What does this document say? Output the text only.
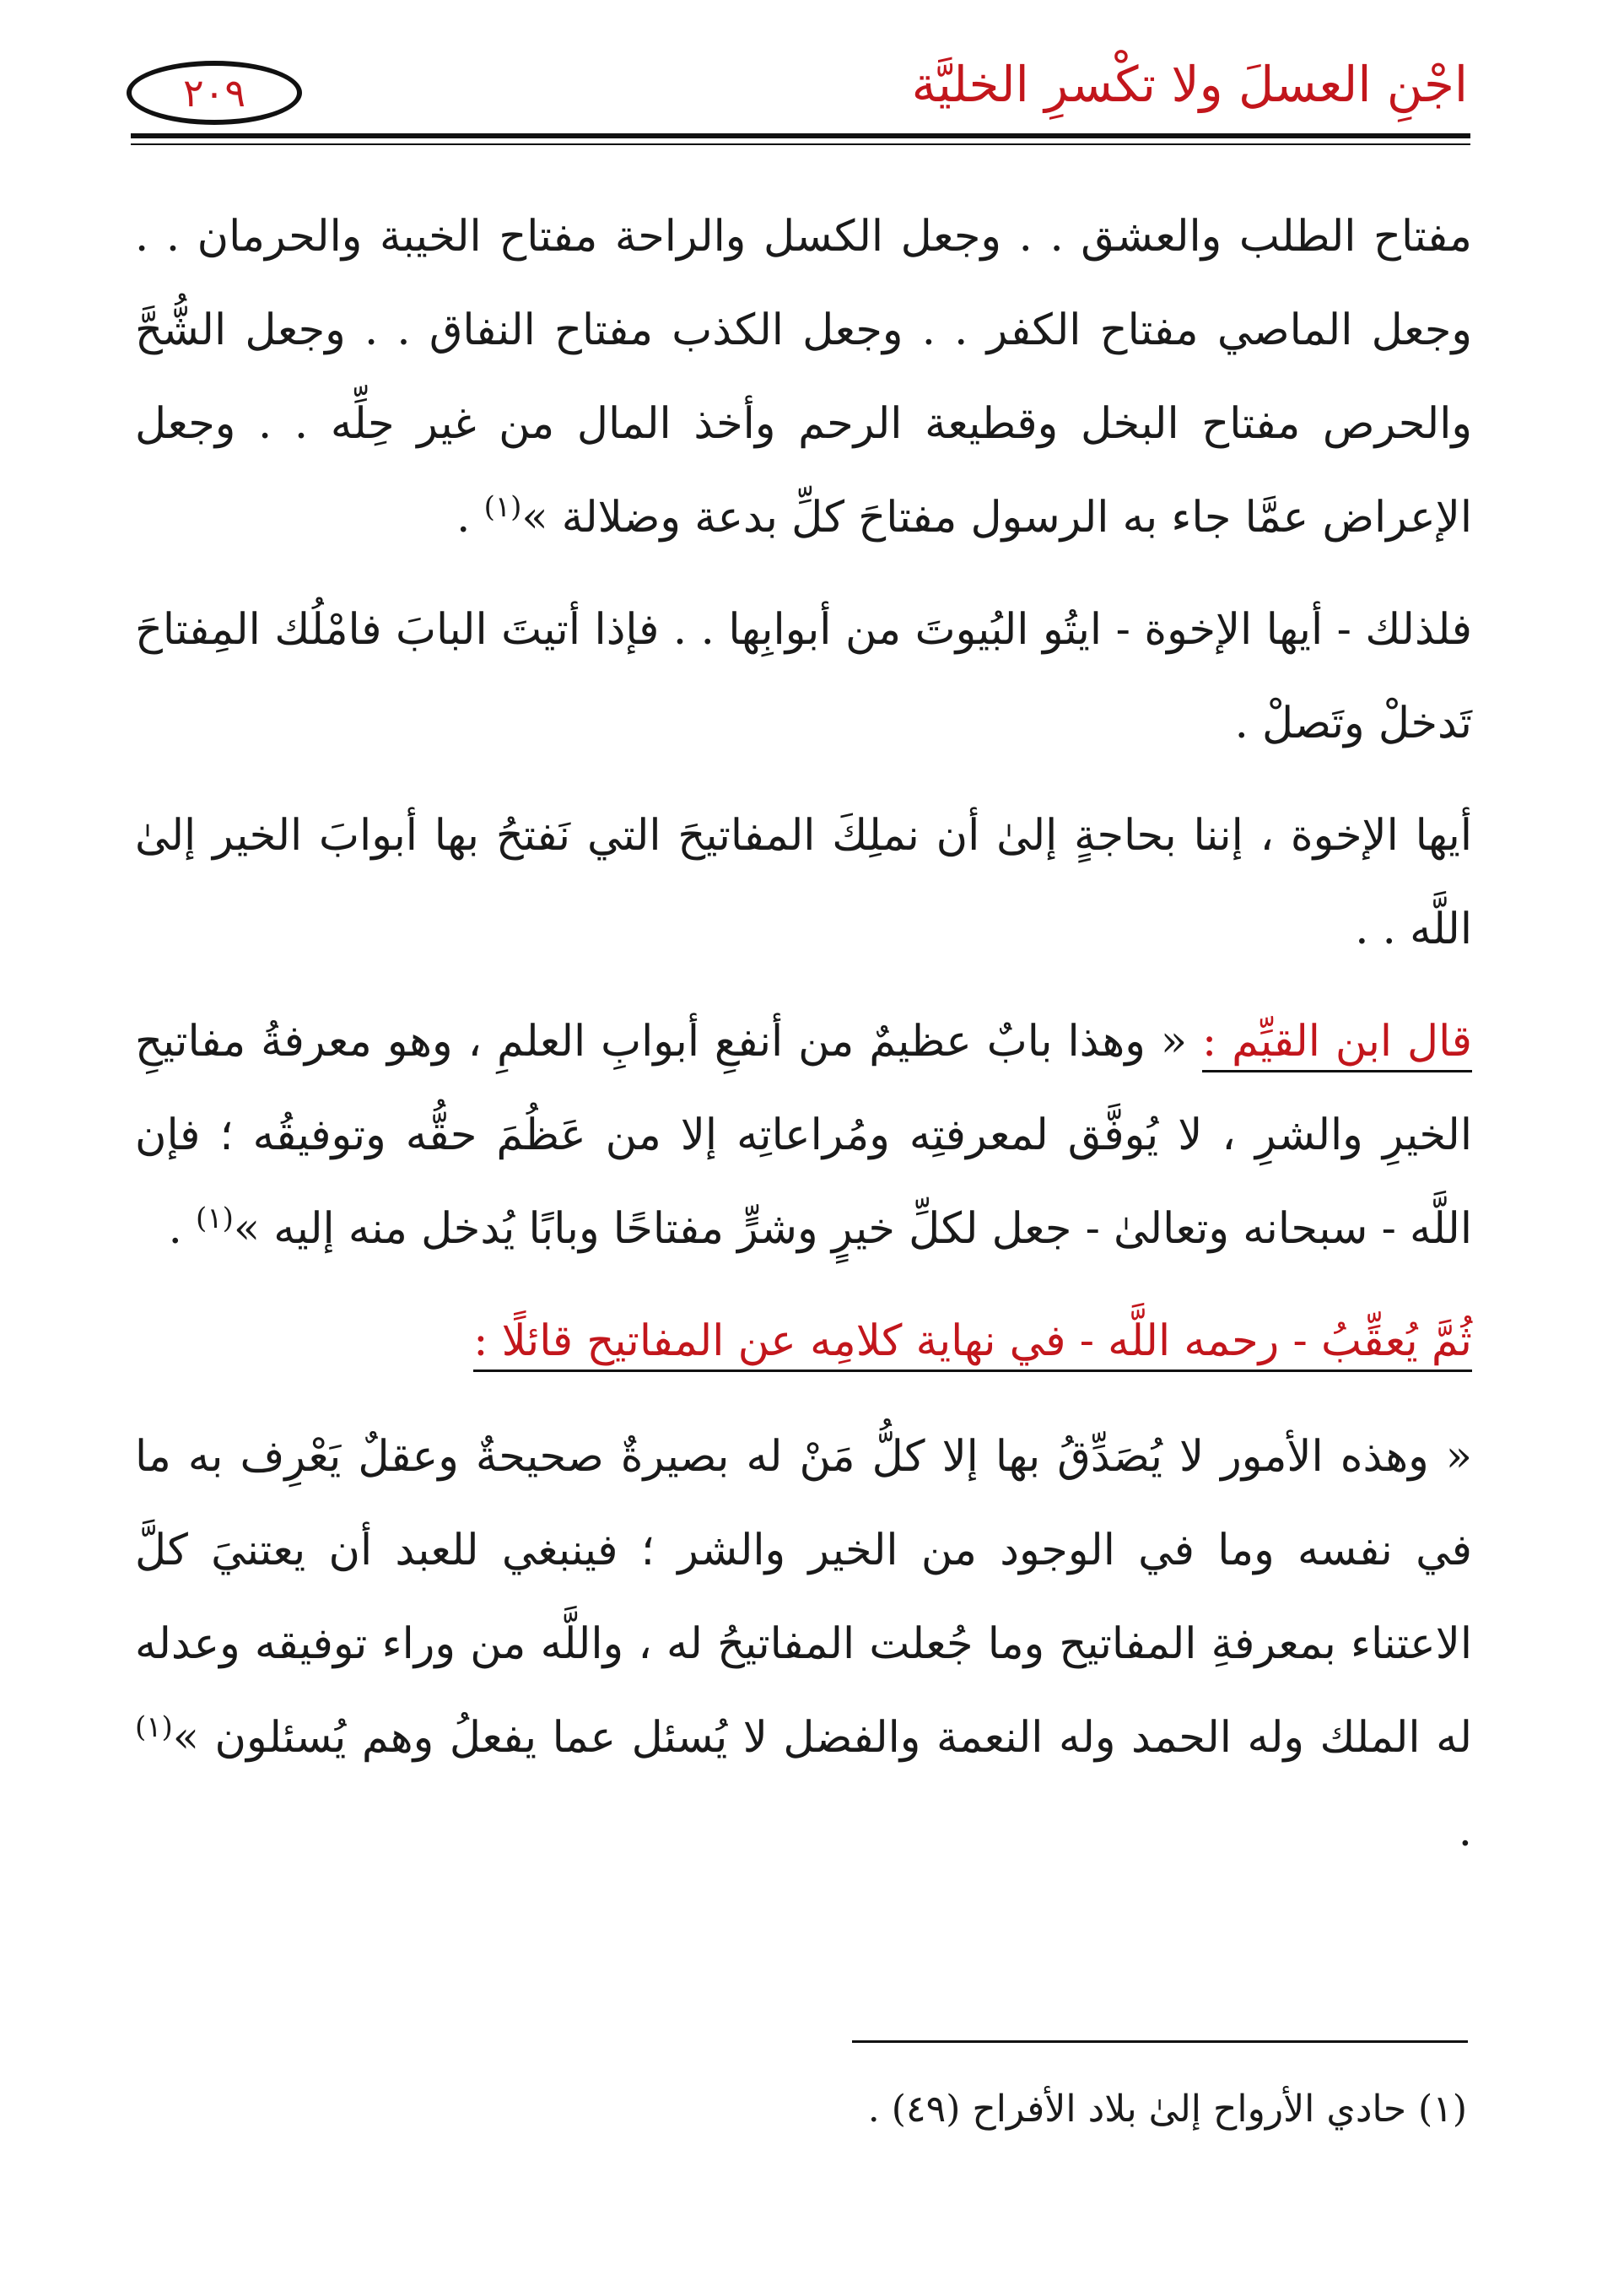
اجْنِ العسلَ ولا تكْسرِ الخليَّة
٢٠٩

مفتاح الطلب والعشق . . وجعل الكسل والراحة مفتاح الخيبة والحرمان . . وجعل الماصي مفتاح الكفر . . وجعل الكذب مفتاح النفاق . . وجعل الشُّحَّ والحرص مفتاح البخل وقطيعة الرحم وأخذ المال من غير حِلِّه . . وجعل الإعراض عمَّا جاء به الرسول مفتاحَ كلِّ بدعة وضلالة »$^{(١)}$ .

فلذلك - أيها الإخوة - ايتُو البُيوتَ من أبوابِها . . فإذا أتيتَ البابَ فامْلُك المِفتاحَ تَدخلْ وتَصلْ .

أيها الإخوة ، إننا بحاجةٍ إلىٰ أن نملِكَ المفاتيحَ التي نَفتحُ بها أبوابَ الخير إلىٰ اللَّه . .

قال ابن القيِّم : « وهذا بابٌ عظيمٌ من أنفعِ أبوابِ العلمِ ، وهو معرفةُ مفاتيحِ الخيرِ والشرِ ، لا يُوفَّق لمعرفتِه ومُراعاتِه إلا من عَظُمَ حقُّه وتوفيقُه ؛ فإن اللَّه - سبحانه وتعالىٰ - جعل لكلِّ خيرٍ وشرٍّ مفتاحًا وبابًا يُدخل منه إليه »$^{(١)}$ .

ثُمَّ يُعقِّبُ - رحمه اللَّه - في نهاية كلامِه عن المفاتيح قائلًا :

« وهذه الأمور لا يُصَدِّقُ بها إلا كلُّ مَنْ له بصيرةٌ صحيحةٌ وعقلٌ يَعْرِف به ما في نفسه وما في الوجود من الخير والشر ؛ فينبغي للعبد أن يعتنيَ كلَّ الاعتناء بمعرفةِ المفاتيح وما جُعلت المفاتيحُ له ، واللَّه من وراء توفيقه وعدله له الملك وله الحمد وله النعمة والفضل لا يُسئل عما يفعلُ وهم يُسئلون »$^{(١)}$ .

(١) حادي الأرواح إلىٰ بلاد الأفراح (٤٩) .
